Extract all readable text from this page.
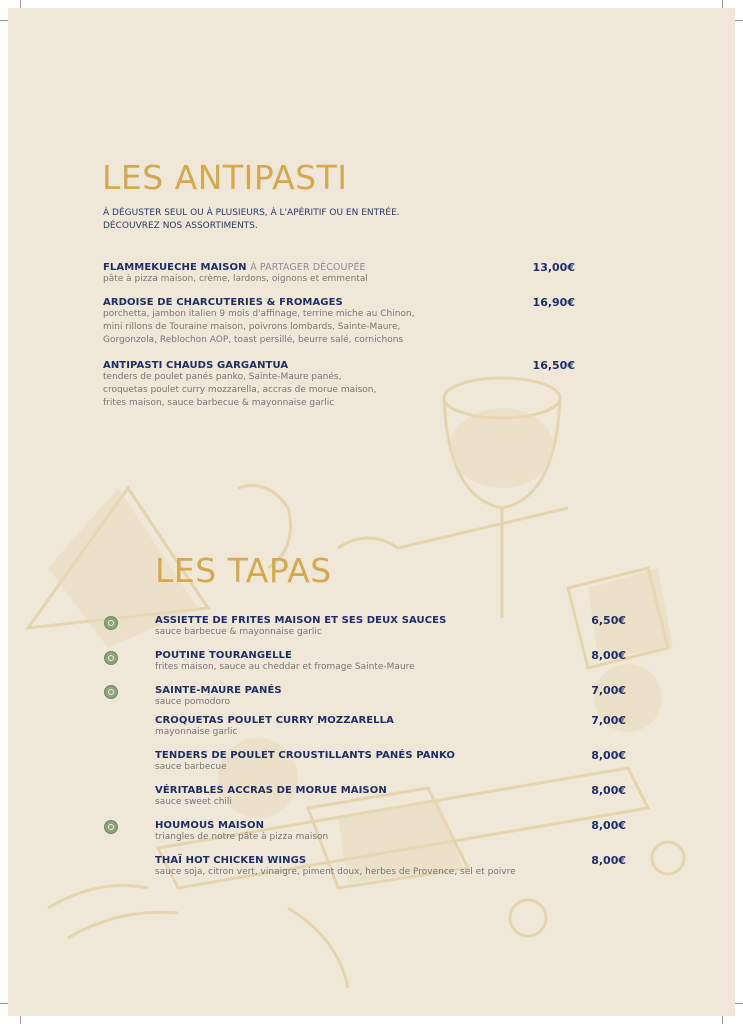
LES ANTIPASTI
À DÉGUSTER SEUL OU À PLUSIEURS, À L'APÉRITIF OU EN ENTRÉE.
DÉCOUVREZ NOS ASSORTIMENTS.
FLAMMEKUECHE MAISON À PARTAGER DÉCOUPÉE
pâte à pizza maison, crème, lardons, oignons et emmental
13,00€
ARDOISE DE CHARCUTERIES & FROMAGES
porchetta, jambon italien 9 mois d'affinage, terrine miche au Chinon,
mini rillons de Touraine maison, poivrons lombards, Sainte-Maure,
Gorgonzola, Reblochon AOP, toast persillé, beurre salé, cornichons
16,90€
ANTIPASTI CHAUDS GARGANTUA
tenders de poulet panés panko, Sainte-Maure panés,
croquetas poulet curry mozzarella, accras de morue maison,
frites maison, sauce barbecue & mayonnaise garlic
16,50€
LES TAPAS
ASSIETTE DE FRITES MAISON ET SES DEUX SAUCES
sauce barbecue & mayonnaise garlic
6,50€
POUTINE TOURANGELLE
frites maison, sauce au cheddar et fromage Sainte-Maure
8,00€
SAINTE-MAURE PANÉS
sauce pomodoro
7,00€
CROQUETAS POULET CURRY MOZZARELLA
mayonnaise garlic
7,00€
TENDERS DE POULET CROUSTILLANTS PANÉS PANKO
sauce barbecue
8,00€
VÉRITABLES ACCRAS DE MORUE MAISON
sauce sweet chili
8,00€
HOUMOUS MAISON
triangles de notre pâte à pizza maison
8,00€
THAÏ HOT CHICKEN WINGS
sauce soja, citron vert, vinaigre, piment doux, herbes de Provence, sel et poivre
8,00€
